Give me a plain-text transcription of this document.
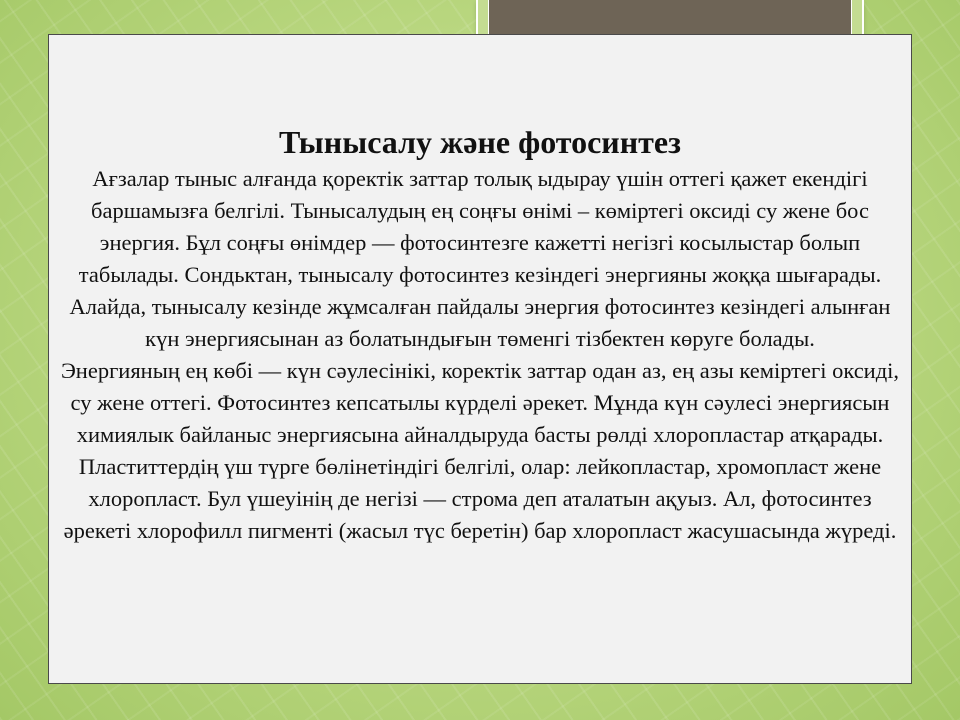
Тынысалу және фотосинтез

Ағзалар тыныс алғанда қоректік заттар толық ыдырау үшін оттегі қажет екендігі баршамызға белгілі. Тынысалудың ең соңғы өнімі – көміртегі оксиді су жене бос энергия. Бұл соңғы өнімдер — фотосинтезге кажетті негізгі косылыстар болып табылады. Сондьктан, тынысалу фотосинтез кезіндегі энергияны жоққа шығарады. Алайда, тынысалу кезінде жұмсалған пайдалы энергия фотосинтез кезіндегі алынған күн энергиясынан аз болатындығын төменгі тізбектен көруге болады.

Энергияның ең көбі — күн сәулесінікі, коректік заттар одан аз, ең азы кеміртегі оксиді, су жене оттегі. Фотосинтез кепсатылы күрделі әрекет. Мұнда күн сәулесі энергиясын химиялык байланыс энергиясына айналдыруда басты рөлді хлоропластар атқарады. Пластиттердің үш түрге бөлінетіндігі белгілі, олар: лейкопластар, хромопласт жене хлоропласт. Бул үшеуінің де негізі — строма деп аталатын ақуыз. Ал, фотосинтез әрекеті хлорофилл пигменті (жасыл түс беретін) бар хлоропласт жасушасында жүреді.
